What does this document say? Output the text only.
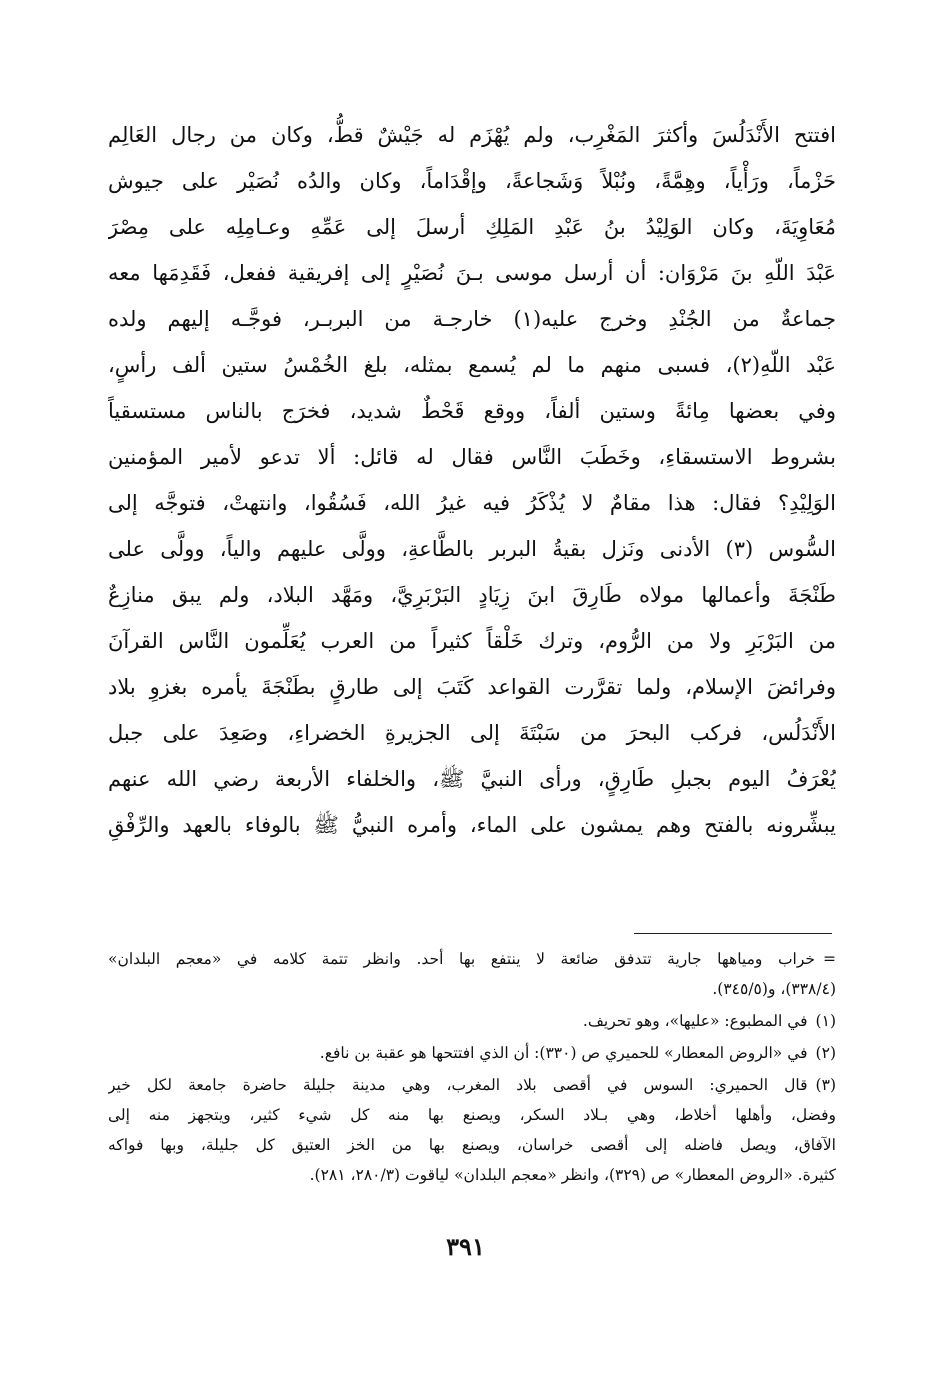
افتتح الأَنْدَلُسَ وأكثرَ المَغْرِب، ولم يُهْزَم له جَيْشٌ قطُّ، وكان من رجال العَالِم
حَزْماً، ورَأْياً، وهِمَّةً، ونُبْلاً وَشَجاعةً، وإقْدَاماً، وكان والدُه نُصَيْر على جيوش
مُعَاوِيَةَ، وكان الوَلِيْدُ بنُ عَبْدِ المَلِكِ أرسلَ إلى عَمِّهِ وعـامِلِه على مِصْرَ
عَبْدَ اللّهِ بنَ مَرْوَان: أن أرسل موسى بـنَ نُصَيْرٍ إلى إفريقية ففعل، فَقَدِمَها معه
جماعةٌ من الجُنْدِ وخرج عليه(١) خارجـة من البربـر، فوجَّـه إليهم ولده
عَبْد اللّهِ(٢)، فسبى منهم ما لم يُسمع بمثله، بلغ الخُمْسُ ستين ألف رأسٍ،
وفي بعضها مِائةً وستين ألفاً، ووقع قَحْطٌ شديد، فخرَج بالناس مستسقياً
بشروط الاستسقاءِ، وخَطَبَ النَّاس فقال له قائل: ألا تدعو لأمير المؤمنين
الوَلِيْدِ؟ فقال: هذا مقامٌ لا يُذْكَرُ فيه غيرُ الله، فَسُقُوا، وانتهتْ، فتوجَّه إلى
السُّوس (٣) الأدنى ونَزل بقيةُ البربر بالطَّاعةِ، وولَّى عليهم والياً، وولَّى على
طَنْجَةَ وأعمالها مولاه طَارِقَ ابنَ زِيَادٍ البَرْبَرِيَّ، ومَهَّد البلاد، ولم يبق منازِعٌ
من البَرْبَرِ ولا من الرُّوم، وترك خَلْقاً كثيراً من العرب يُعَلِّمون النَّاس القرآنَ
وفرائضَ الإسلام، ولما تقرَّرت القواعد كَتَبَ إلى طارقٍ بطَنْجَةَ يأمره بغزوِ بلاد
الأَنْدَلُس، فركب البحرَ من سَبْتَةَ إلى الجزيرةِ الخضراءِ، وصَعِدَ على جبل
يُعْرَفُ اليوم بجبلِ طَارِقٍ، ورأى النبيَّ ﷺ، والخلفاء الأربعة رضي الله عنهم
يبشِّرونه بالفتح وهم يمشون على الماء، وأمره النبيُّ ﷺ بالوفاء بالعهد والرِّفْقِ
=خراب ومياهها جارية تتدفق ضائعة لا ينتفع بها أحد. وانظر تتمة كلامه في «معجم البلدان»
(٣٣٨/٤)، و(٣٤٥/٥).
(١)في المطبوع: «عليها»، وهو تحريف.
(٢)في «الروض المعطار» للحميري ص (٣٣٠): أن الذي افتتحها هو عقبة بن نافع.
(٣)قال الحميري: السوس في أقصى بلاد المغرب، وهي مدينة جليلة حاضرة جامعة لكل خير
وفضل، وأهلها أخلاط، وهي بـلاد السكر، ويصنع بها منه كل شيء كثير، ويتجهز منه إلى
الآفاق، ويصل فاضله إلى أقصى خراسان، ويصنع بها من الخز العتيق كل جليلة، وبها فواكه
كثيرة. «الروض المعطار» ص (٣٢٩)، وانظر «معجم البلدان» لياقوت (٢٨٠/٣، ٢٨١).
٣٩١
